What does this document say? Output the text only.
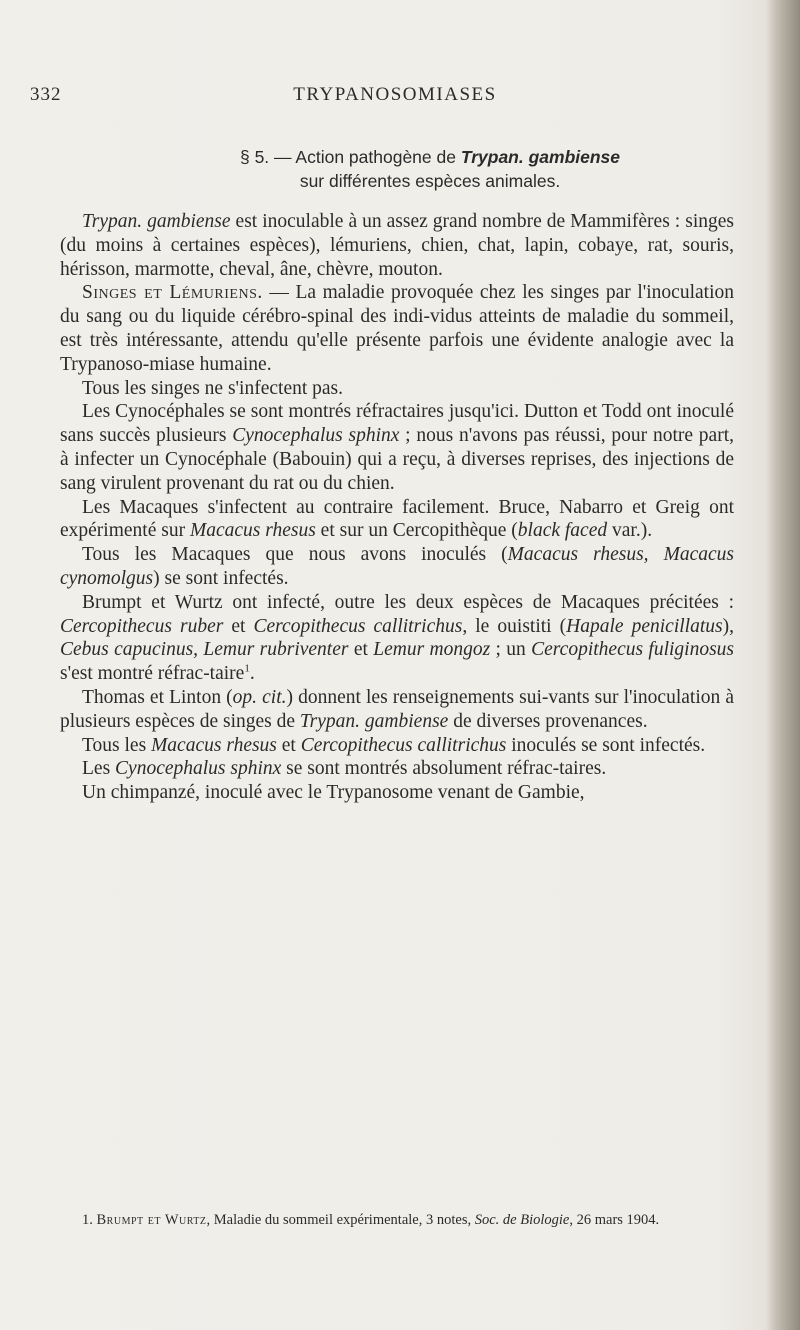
332	TRYPANOSOMIASES
§ 5. — Action pathogène de Trypan. gambiense
sur différentes espèces animales.

Trypan. gambiense est inoculable à un assez grand nombre de Mammifères : singes (du moins à certaines espèces), lémuriens, chien, chat, lapin, cobaye, rat, souris, hérisson, marmotte, cheval, âne, chèvre, mouton.

Singes et Lémuriens. — La maladie provoquée chez les singes par l'inoculation du sang ou du liquide cérébro-spinal des indi-vidus atteints de maladie du sommeil, est très intéressante, attendu qu'elle présente parfois une évidente analogie avec la Trypanoso-miase humaine.

Tous les singes ne s'infectent pas.

Les Cynocéphales se sont montrés réfractaires jusqu'ici. Dutton et Todd ont inoculé sans succès plusieurs Cynocephalus sphinx ; nous n'avons pas réussi, pour notre part, à infecter un Cynocéphale (Babouin) qui a reçu, à diverses reprises, des injections de sang virulent provenant du rat ou du chien.

Les Macaques s'infectent au contraire facilement. Bruce, Nabarro et Greig ont expérimenté sur Macacus rhesus et sur un Cercopithèque (black faced var.).

Tous les Macaques que nous avons inoculés (Macacus rhesus, Macacus cynomolgus) se sont infectés.

Brumpt et Wurtz ont infecté, outre les deux espèces de Macaques précitées : Cercopithecus ruber et Cercopithecus callitrichus, le ouistiti (Hapale penicillatus), Cebus capucinus, Lemur rubriventer et Lemur mongoz ; un Cercopithecus fuliginosus s'est montré réfrac-taire$^1$.

Thomas et Linton (op. cit.) donnent les renseignements sui-vants sur l'inoculation à plusieurs espèces de singes de Trypan. gambiense de diverses provenances.

Tous les Macacus rhesus et Cercopithecus callitrichus inoculés se sont infectés.

Les Cynocephalus sphinx se sont montrés absolument réfrac-taires.

Un chimpanzé, inoculé avec le Trypanosome venant de Gambie,

1. Brumpt et Wurtz, Maladie du sommeil expérimentale, 3 notes, Soc. de Biologie, 26 mars 1904.
